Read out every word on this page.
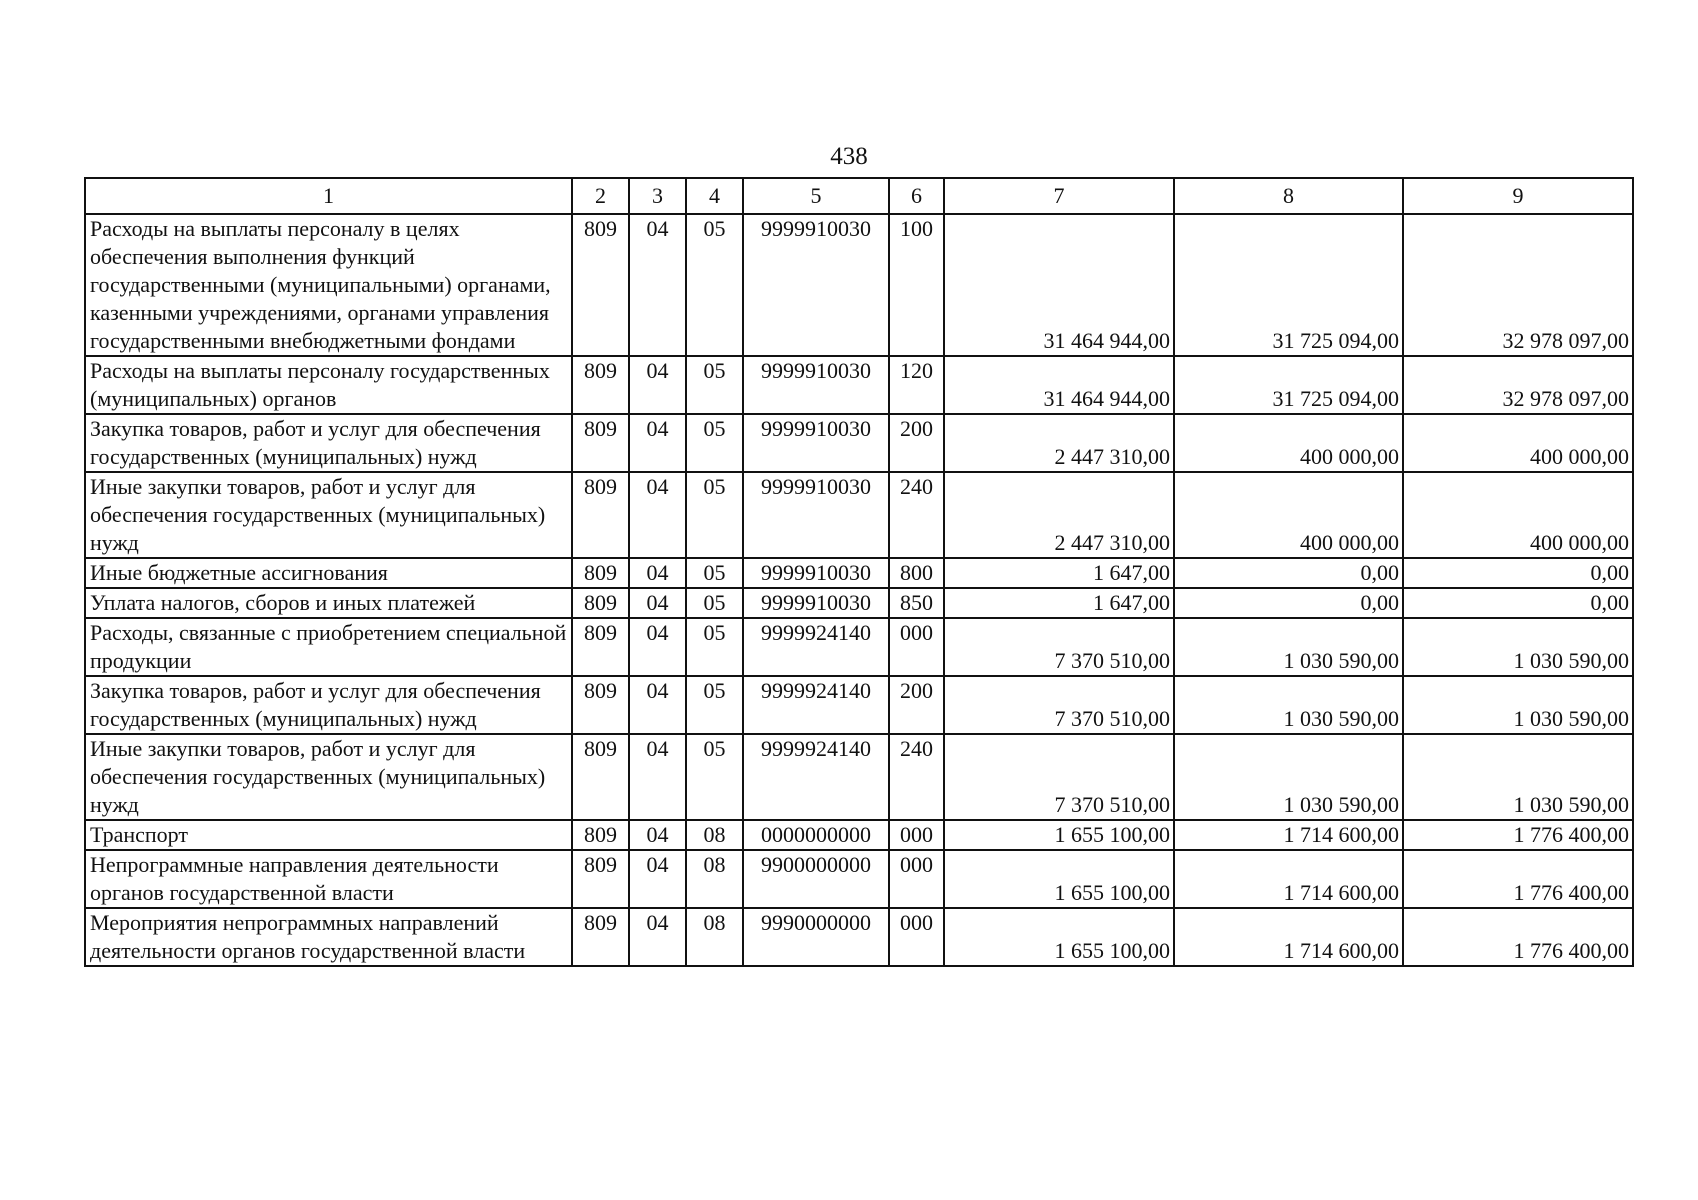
438
1	2	3	4	5	6	7	8	9
Расходы на выплаты персоналу в целях обеспечения выполнения функций государственными (муниципальными) органами, казенными учреждениями, органами управления государственными внебюджетными фондами	809	04	05	9999910030	100	31 464 944,00	31 725 094,00	32 978 097,00
Расходы на выплаты персоналу государственных (муниципальных) органов	809	04	05	9999910030	120	31 464 944,00	31 725 094,00	32 978 097,00
Закупка товаров, работ и услуг для обеспечения государственных (муниципальных) нужд	809	04	05	9999910030	200	2 447 310,00	400 000,00	400 000,00
Иные закупки товаров, работ и услуг для обеспечения государственных (муниципальных) нужд	809	04	05	9999910030	240	2 447 310,00	400 000,00	400 000,00
Иные бюджетные ассигнования	809	04	05	9999910030	800	1 647,00	0,00	0,00
Уплата налогов, сборов и иных платежей	809	04	05	9999910030	850	1 647,00	0,00	0,00
Расходы, связанные с приобретением специальной продукции	809	04	05	9999924140	000	7 370 510,00	1 030 590,00	1 030 590,00
Закупка товаров, работ и услуг для обеспечения государственных (муниципальных) нужд	809	04	05	9999924140	200	7 370 510,00	1 030 590,00	1 030 590,00
Иные закупки товаров, работ и услуг для обеспечения государственных (муниципальных) нужд	809	04	05	9999924140	240	7 370 510,00	1 030 590,00	1 030 590,00
Транспорт	809	04	08	0000000000	000	1 655 100,00	1 714 600,00	1 776 400,00
Непрограммные направления деятельности органов государственной власти	809	04	08	9900000000	000	1 655 100,00	1 714 600,00	1 776 400,00
Мероприятия непрограммных направлений деятельности органов государственной власти	809	04	08	9990000000	000	1 655 100,00	1 714 600,00	1 776 400,00
